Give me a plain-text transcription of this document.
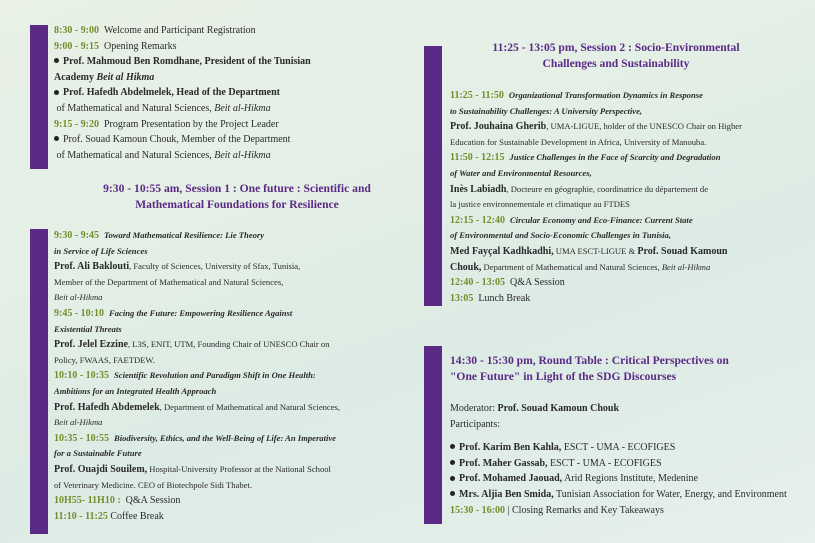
8:30 - 9:00 Welcome and Participant Registration
9:00 - 9:15 Opening Remarks
Prof. Mahmoud Ben Romdhane, President of the Tunisian
Academy Beit al Hikma
Prof. Hafedh Abdelmelek, Head of the Department
of Mathematical and Natural Sciences, Beit al-Hikma
9:15 - 9:20 Program Presentation by the Project Leader
Prof. Souad Kamoun Chouk, Member of the Department
of Mathematical and Natural Sciences, Beit al-Hikma
9:30 - 10:55 am, Session 1 : One future : Scientific and
Mathematical Foundations for Resilience
9:30 - 9:45 Toward Mathematical Resilience: Lie Theory
in Service of Life Sciences
Prof. Ali Baklouti, Faculty of Sciences, University of Sfax, Tunisia,
Member of the Department of Mathematical and Natural Sciences,
Beit al-Hikma
9:45 - 10:10 Facing the Future: Empowering Resilience Against
Existential Threats
Prof. Jelel Ezzine, L3S, ENIT, UTM, Founding Chair of UNESCO Chair on
Policy, FWAAS, FAETDEW.
10:10 - 10:35 Scientific Revolution and Paradigm Shift in One Health:
Ambitions for an Integrated Health Approach
Prof. Hafedh Abdemelek, Department of Mathematical and Natural Sciences,
Beit al-Hikma
10:35 - 10:55 Biodiversity, Ethics, and the Well-Being of Life: An Imperative
for a Sustainable Future
Prof. Ouajdi Souilem, Hospital-University Professor at the National School
of Veterinary Medicine. CEO of Biotechpole Sidi Thabet.
10H55- 11H10 : Q&A Session
11:10 - 11:25 Coffee Break
11:25 - 13:05 pm, Session 2 : Socio-Environmental
Challenges and Sustainability
11:25 - 11:50 Organizational Transformation Dynamics in Response
to Sustainability Challenges: A University Perspective,
Prof. Jouhaina Gherib, UMA-LIGUE, holder of the UNESCO Chair on Higher
Education for Sustainable Development in Africa, University of Manouba.
11:50 - 12:15 Justice Challenges in the Face of Scarcity and Degradation
of Water and Environmental Resources,
Inès Labiadh, Docteure en géographie, coordinatrice du département de
la justice environnementale et climatique au FTDES
12:15 - 12:40 Circular Economy and Eco-Finance: Current State
of Environmental and Socio-Economic Challenges in Tunisia,
Med Fayçal Kadhkadhi, UMA ESCT-LIGUE & Prof. Souad Kamoun
Chouk, Department of Mathematical and Natural Sciences, Beit al-Hikma
12:40 - 13:05 Q&A Session
13:05 Lunch Break
14:30 - 15:30 pm, Round Table : Critical Perspectives on
"One Future" in Light of the SDG Discourses
Moderator: Prof. Souad Kamoun Chouk
Participants:
Prof. Karim Ben Kahla, ESCT - UMA - ECOFIGES
Prof. Maher Gassab, ESCT - UMA - ECOFIGES
Prof. Mohamed Jaouad, Arid Regions Institute, Medenine
Mrs. Aljia Ben Smida, Tunisian Association for Water, Energy, and Environment
15:30 - 16:00 | Closing Remarks and Key Takeaways
